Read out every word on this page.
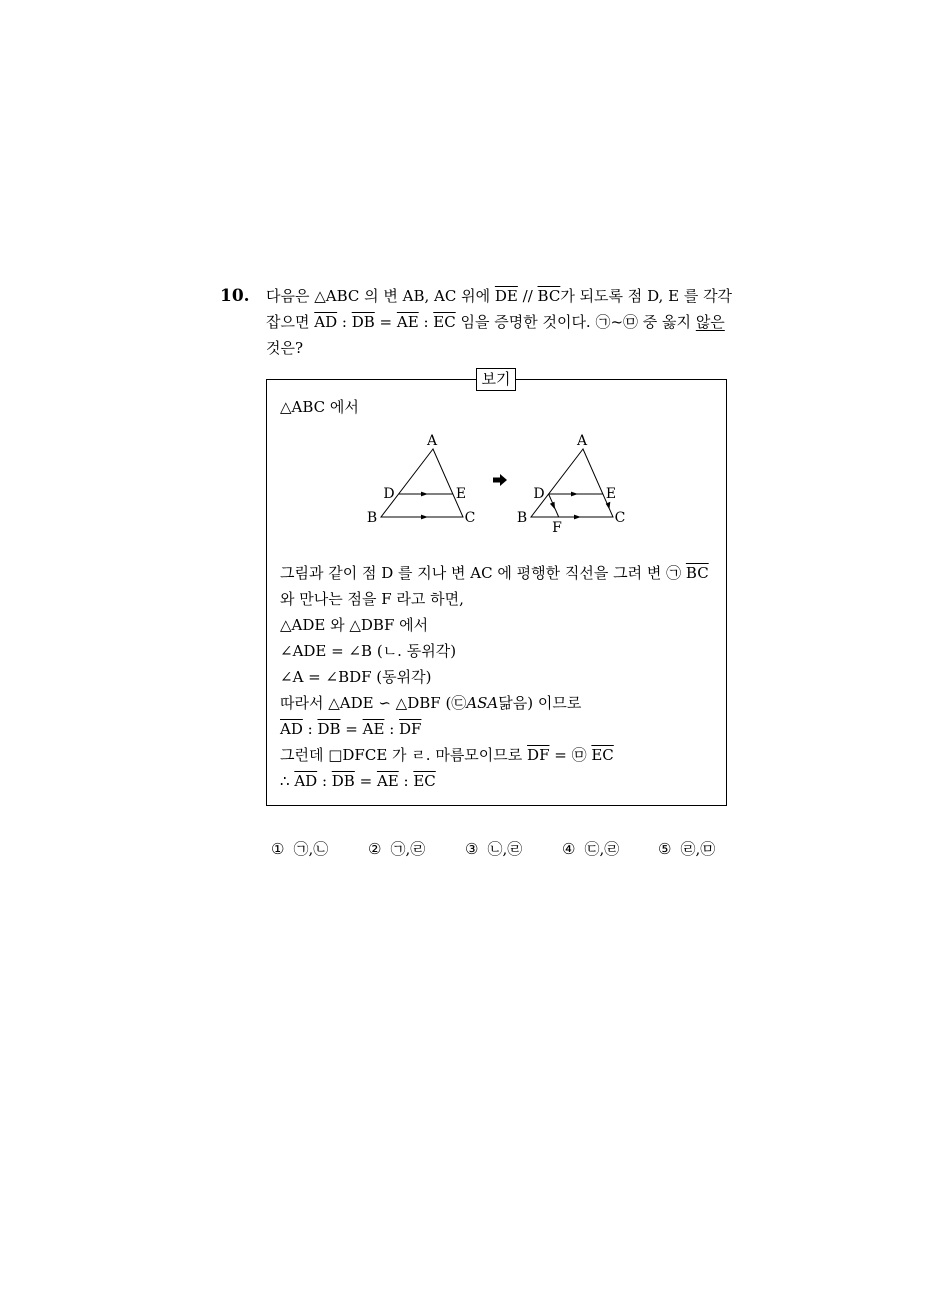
10. 다음은 △ABC 의 변 AB, AC 위에 $\overline{DE} // \overline{BC}$가 되도록 점 D, E 를 각각
잡으면 $\overline{AD}$ : $\overline{DB} = \overline{AE}$ : $\overline{EC}$ 임을 증명한 것이다. ㉠~㉤ 중 옳지 않은
것은?
보기
△ABC 에서
A
D	E
B	C
A
D	E
B	C
F
그림과 같이 점 D 를 지나 변 AC 에 평행한 직선을 그려 변 ㉠ $\overline{BC}$
와 만나는 점을 F 라고 하면,
△ADE 와 △DBF 에서
∠ADE = ∠B (ㄴ. 동위각)
∠A = ∠BDF (동위각)
따라서 △ADE ∽ △DBF (㉢ASA닮음) 이므로
$\overline{AD}$ : $\overline{DB} = \overline{AE}$ : $\overline{DF}$
그런데 □DFCE 가 ㄹ. 마름모이므로 $\overline{DF}$ = ㉤ $\overline{EC}$
∴ $\overline{AD}$ : $\overline{DB} = \overline{AE}$ : $\overline{EC}$
① ㉠,㉡	② ㉠,㉣	③ ㉡,㉣	④ ㉢,㉣	⑤ ㉣,㉤
